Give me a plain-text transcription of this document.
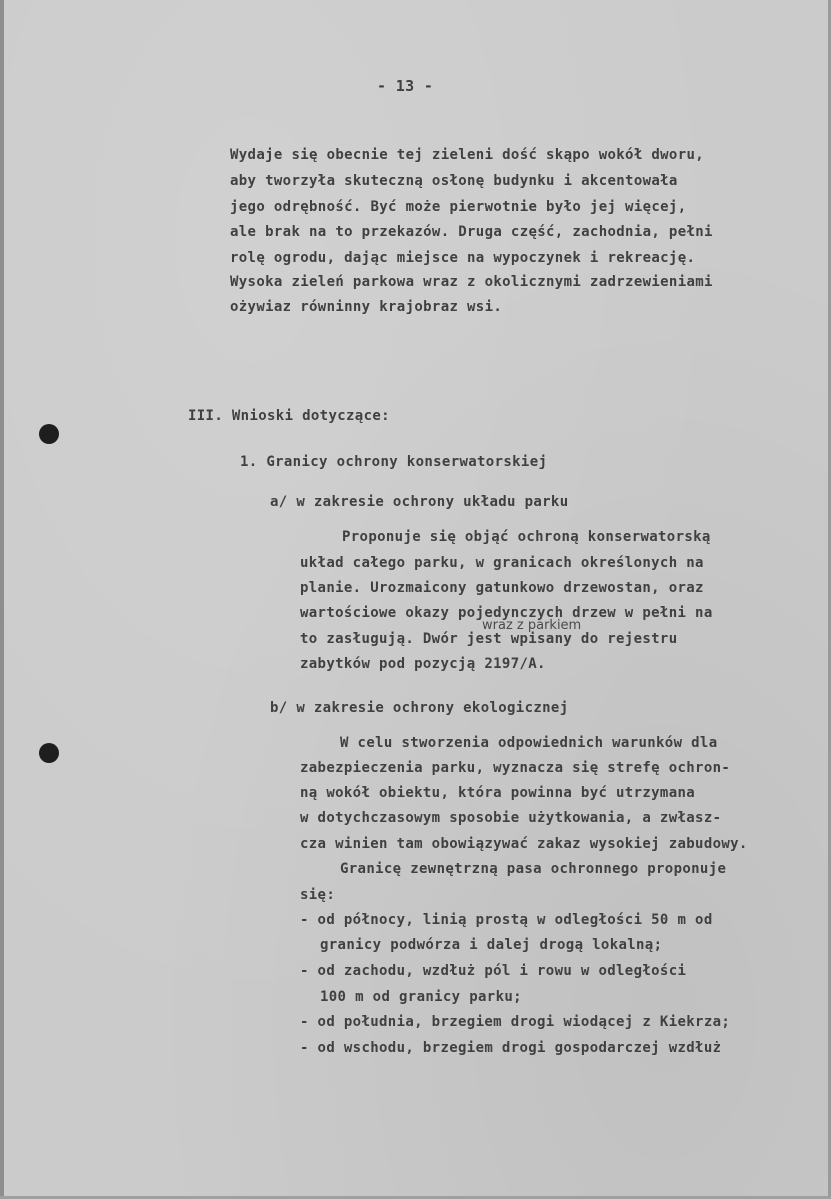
- 13 -
Wydaje się obecnie tej zieleni dość skąpo wokół dworu,
aby tworzyła skuteczną osłonę budynku i akcentowała
jego odrębność. Być może pierwotnie było jej więcej,
ale brak na to przekazów. Druga część, zachodnia, pełni
rolę ogrodu, dając miejsce na wypoczynek i rekreację.
Wysoka zieleń parkowa wraz z okolicznymi zadrzewieniami
ożywiaz równinny krajobraz wsi.
III. Wnioski dotyczące:
1. Granicy ochrony konserwatorskiej
a/ w zakresie ochrony układu parku
Proponuje się objąć ochroną konserwatorską
układ całego parku, w granicach określonych na
planie. Urozmaicony gatunkowo drzewostan, oraz
wartościowe okazy pojedynczych drzew w pełni na
to zasługują. Dwór jest wpisany do rejestru
wraz z parkiem
zabytków pod pozycją 2197/A.
b/ w zakresie ochrony ekologicznej
W celu stworzenia odpowiednich warunków dla
zabezpieczenia parku, wyznacza się strefę ochron-
ną wokół obiektu, która powinna być utrzymana
w dotychczasowym sposobie użytkowania, a zwłasz-
cza winien tam obowiązywać zakaz wysokiej zabudowy.
Granicę zewnętrzną pasa ochronnego proponuje
się:
- od północy, linią prostą w odległości 50 m od
granicy podwórza i dalej drogą lokalną;
- od zachodu, wzdłuż pól i rowu w odległości
100 m od granicy parku;
- od południa, brzegiem drogi wiodącej z Kiekrza;
- od wschodu, brzegiem drogi gospodarczej wzdłuż
